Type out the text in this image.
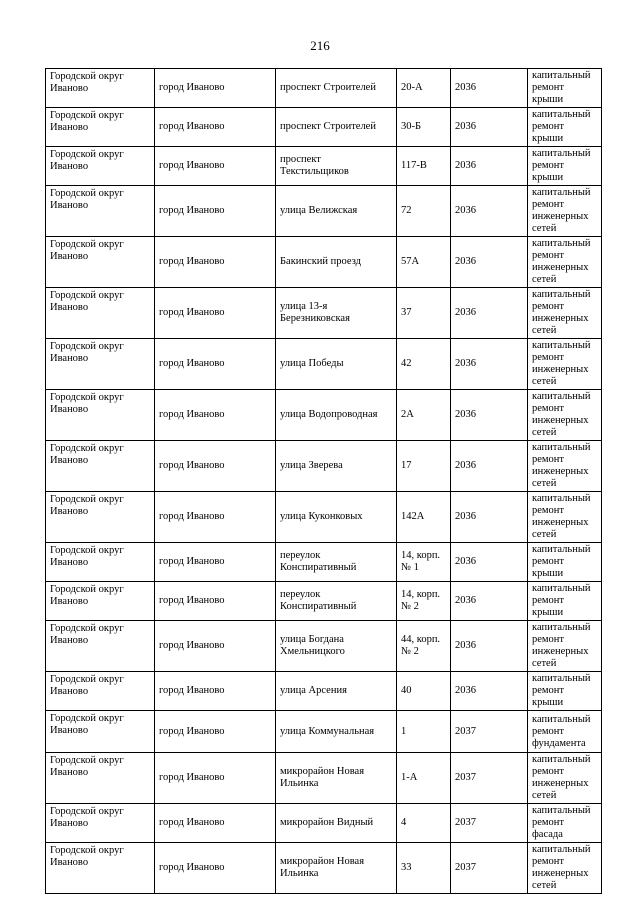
216
Городской округ Иваново	город Иваново	проспект Строителей	20-А	2036	капитальный ремонт крыши
Городской округ Иваново	город Иваново	проспект Строителей	30-Б	2036	капитальный ремонт крыши
Городской округ Иваново	город Иваново	проспект Текстильщиков	117-В	2036	капитальный ремонт крыши
Городской округ Иваново	город Иваново	улица Велижская	72	2036	капитальный ремонт инженерных сетей
Городской округ Иваново	город Иваново	Бакинский проезд	57А	2036	капитальный ремонт инженерных сетей
Городской округ Иваново	город Иваново	улица 13-я Березниковская	37	2036	капитальный ремонт инженерных сетей
Городской округ Иваново	город Иваново	улица Победы	42	2036	капитальный ремонт инженерных сетей
Городской округ Иваново	город Иваново	улица Водопроводная	2А	2036	капитальный ремонт инженерных сетей
Городской округ Иваново	город Иваново	улица Зверева	17	2036	капитальный ремонт инженерных сетей
Городской округ Иваново	город Иваново	улица Куконковых	142А	2036	капитальный ремонт инженерных сетей
Городской округ Иваново	город Иваново	переулок Конспиративный	14, корп. № 1	2036	капитальный ремонт крыши
Городской округ Иваново	город Иваново	переулок Конспиративный	14, корп. № 2	2036	капитальный ремонт крыши
Городской округ Иваново	город Иваново	улица Богдана Хмельницкого	44, корп. № 2	2036	капитальный ремонт инженерных сетей
Городской округ Иваново	город Иваново	улица Арсения	40	2036	капитальный ремонт крыши
Городской округ Иваново	город Иваново	улица Коммунальная	1	2037	капитальный ремонт фундамента
Городской округ Иваново	город Иваново	микрорайон Новая Ильинка	1-А	2037	капитальный ремонт инженерных сетей
Городской округ Иваново	город Иваново	микрорайон Видный	4	2037	капитальный ремонт фасада
Городской округ Иваново	город Иваново	микрорайон Новая Ильинка	33	2037	капитальный ремонт инженерных сетей
